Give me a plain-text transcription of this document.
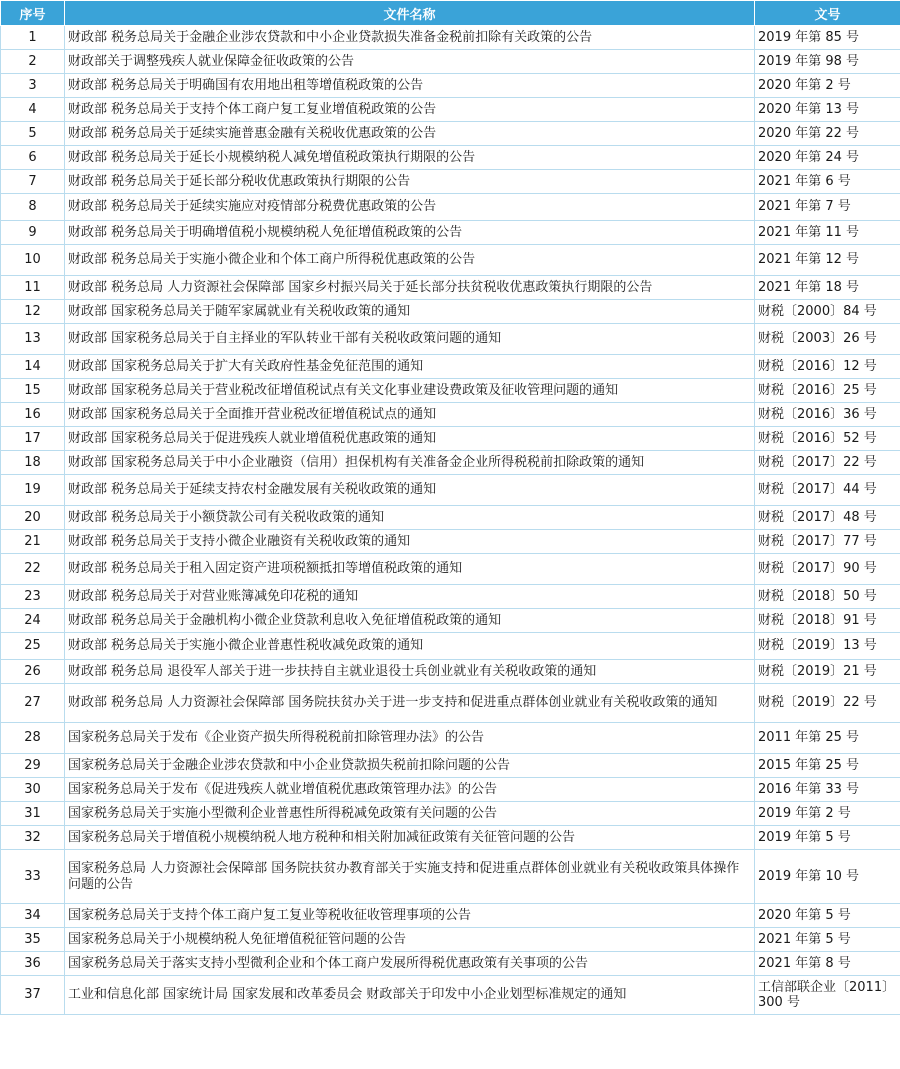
序号	文件名称	文号
1	财政部 税务总局关于金融企业涉农贷款和中小企业贷款损失准备金税前扣除有关政策的公告	2019 年第 85 号
2	财政部关于调整残疾人就业保障金征收政策的公告	2019 年第 98 号
3	财政部 税务总局关于明确国有农用地出租等增值税政策的公告	2020 年第 2 号
4	财政部 税务总局关于支持个体工商户复工复业增值税政策的公告	2020 年第 13 号
5	财政部 税务总局关于延续实施普惠金融有关税收优惠政策的公告	2020 年第 22 号
6	财政部 税务总局关于延长小规模纳税人减免增值税政策执行期限的公告	2020 年第 24 号
7	财政部 税务总局关于延长部分税收优惠政策执行期限的公告	2021 年第 6 号
8	财政部 税务总局关于延续实施应对疫情部分税费优惠政策的公告	2021 年第 7 号
9	财政部 税务总局关于明确增值税小规模纳税人免征增值税政策的公告	2021 年第 11 号
10	财政部 税务总局关于实施小微企业和个体工商户所得税优惠政策的公告	2021 年第 12 号
11	财政部 税务总局 人力资源社会保障部 国家乡村振兴局关于延长部分扶贫税收优惠政策执行期限的公告	2021 年第 18 号
12	财政部 国家税务总局关于随军家属就业有关税收政策的通知	财税〔2000〕84 号
13	财政部 国家税务总局关于自主择业的军队转业干部有关税收政策问题的通知	财税〔2003〕26 号
14	财政部 国家税务总局关于扩大有关政府性基金免征范围的通知	财税〔2016〕12 号
15	财政部 国家税务总局关于营业税改征增值税试点有关文化事业建设费政策及征收管理问题的通知	财税〔2016〕25 号
16	财政部 国家税务总局关于全面推开营业税改征增值税试点的通知	财税〔2016〕36 号
17	财政部 国家税务总局关于促进残疾人就业增值税优惠政策的通知	财税〔2016〕52 号
18	财政部 国家税务总局关于中小企业融资（信用）担保机构有关准备金企业所得税税前扣除政策的通知	财税〔2017〕22 号
19	财政部 税务总局关于延续支持农村金融发展有关税收政策的通知	财税〔2017〕44 号
20	财政部 税务总局关于小额贷款公司有关税收政策的通知	财税〔2017〕48 号
21	财政部 税务总局关于支持小微企业融资有关税收政策的通知	财税〔2017〕77 号
22	财政部 税务总局关于租入固定资产进项税额抵扣等增值税政策的通知	财税〔2017〕90 号
23	财政部 税务总局关于对营业账簿减免印花税的通知	财税〔2018〕50 号
24	财政部 税务总局关于金融机构小微企业贷款利息收入免征增值税政策的通知	财税〔2018〕91 号
25	财政部 税务总局关于实施小微企业普惠性税收减免政策的通知	财税〔2019〕13 号
26	财政部 税务总局 退役军人部关于进一步扶持自主就业退役士兵创业就业有关税收政策的通知	财税〔2019〕21 号
27	财政部 税务总局 人力资源社会保障部 国务院扶贫办关于进一步支持和促进重点群体创业就业有关税收政策的通知	财税〔2019〕22 号
28	国家税务总局关于发布《企业资产损失所得税税前扣除管理办法》的公告	2011 年第 25 号
29	国家税务总局关于金融企业涉农贷款和中小企业贷款损失税前扣除问题的公告	2015 年第 25 号
30	国家税务总局关于发布《促进残疾人就业增值税优惠政策管理办法》的公告	2016 年第 33 号
31	国家税务总局关于实施小型微利企业普惠性所得税减免政策有关问题的公告	2019 年第 2 号
32	国家税务总局关于增值税小规模纳税人地方税种和相关附加减征政策有关征管问题的公告	2019 年第 5 号
33	国家税务总局 人力资源社会保障部 国务院扶贫办教育部关于实施支持和促进重点群体创业就业有关税收政策具体操作问题的公告	2019 年第 10 号
34	国家税务总局关于支持个体工商户复工复业等税收征收管理事项的公告	2020 年第 5 号
35	国家税务总局关于小规模纳税人免征增值税征管问题的公告	2021 年第 5 号
36	国家税务总局关于落实支持小型微利企业和个体工商户发展所得税优惠政策有关事项的公告	2021 年第 8 号
37	工业和信息化部 国家统计局 国家发展和改革委员会 财政部关于印发中小企业划型标准规定的通知	工信部联企业〔2011〕300 号
